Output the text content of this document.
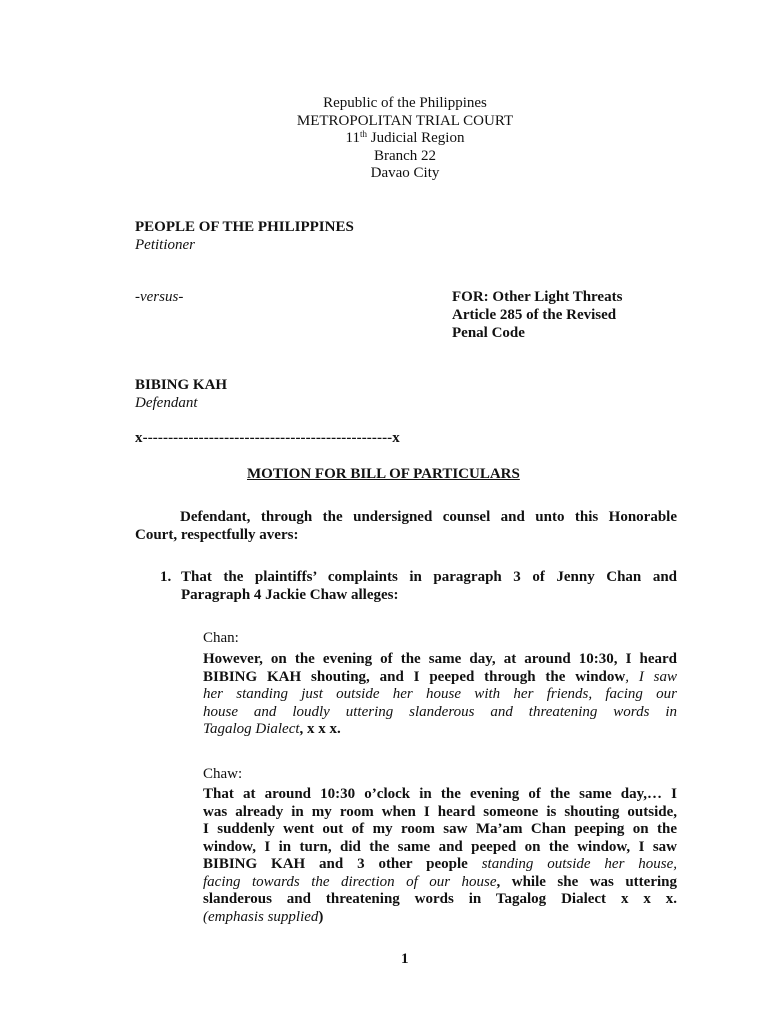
Republic of the Philippines
METROPOLITAN TRIAL COURT
11th Judicial Region
Branch 22
Davao City
PEOPLE OF THE PHILIPPINES
Petitioner
-versus-	FOR: Other Light Threats
Article 285 of the Revised
Penal Code
BIBING KAH
Defendant
x-------------------------------------------------x
MOTION FOR BILL OF PARTICULARS
Defendant, through the undersigned counsel and unto this Honorable
Court, respectfully avers:
1. That the plaintiffs’ complaints in paragraph 3 of Jenny Chan and
Paragraph 4 Jackie Chaw alleges:
Chan:
However, on the evening of the same day, at around 10:30, I heard
BIBING KAH shouting, and I peeped through the window, I saw
her standing just outside her house with her friends, facing our
house and loudly uttering slanderous and threatening words in
Tagalog Dialect, x x x.
Chaw:
That at around 10:30 o’clock in the evening of the same day,… I
was already in my room when I heard someone is shouting outside,
I suddenly went out of my room saw Ma’am Chan peeping on the
window, I in turn, did the same and peeped on the window, I saw
BIBING KAH and 3 other people standing outside her house,
facing towards the direction of our house, while she was uttering
slanderous and threatening words in Tagalog Dialect x x x.
(emphasis supplied)
1
